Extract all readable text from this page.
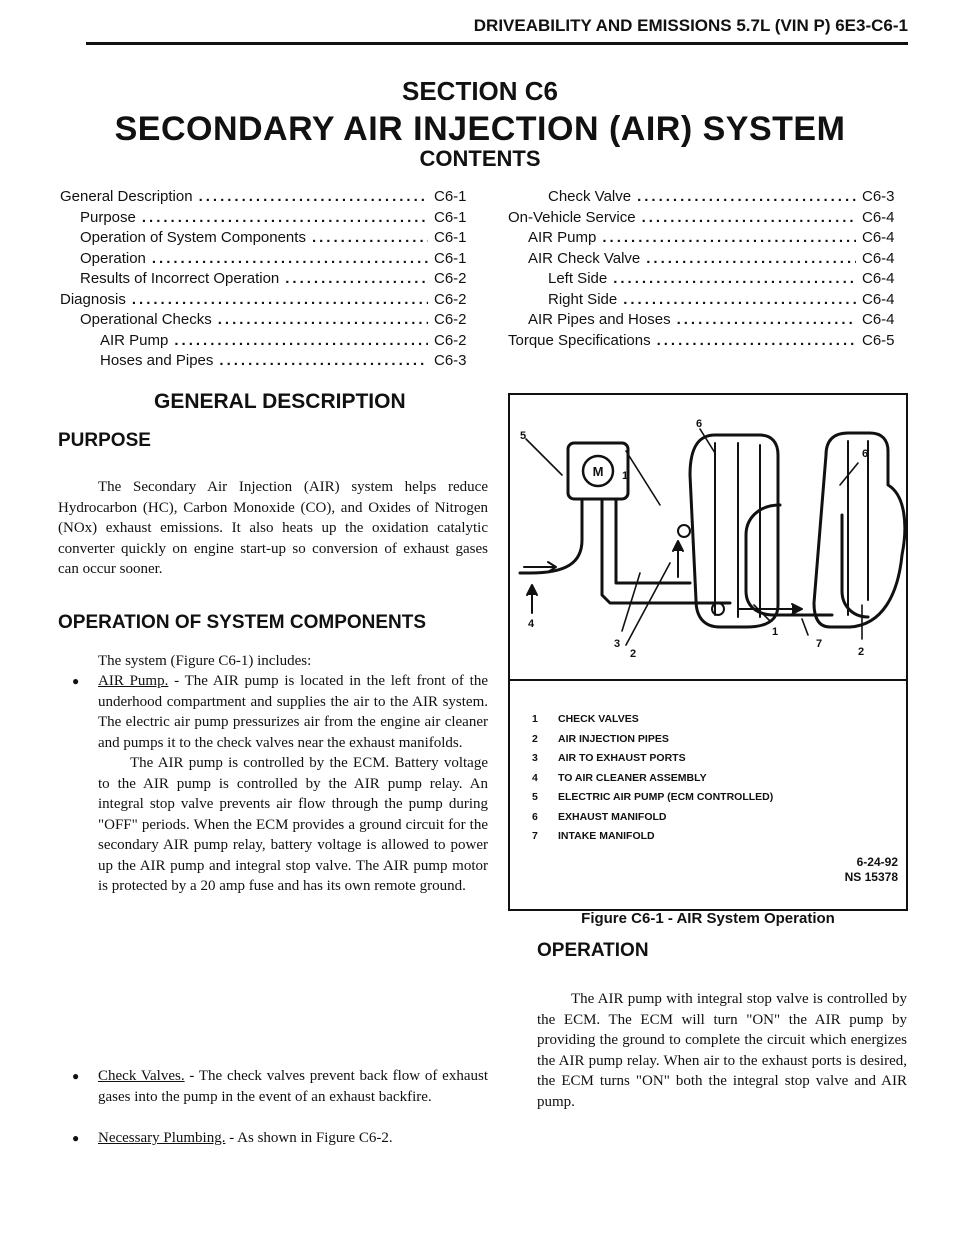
DRIVEABILITY AND EMISSIONS 5.7L (VIN P) 6E3-C6-1
SECTION C6
SECONDARY AIR INJECTION (AIR) SYSTEM
CONTENTS
General Description .....	C6-1
Purpose .....	C6-1
Operation of System Components .....	C6-1
Operation .....	C6-1
Results of Incorrect Operation .....	C6-2
Diagnosis .....	C6-2
Operational Checks .....	C6-2
AIR Pump .....	C6-2
Hoses and Pipes .....	C6-3
Check Valve .....	C6-3
On-Vehicle Service .....	C6-4
AIR Pump .....	C6-4
AIR Check Valve .....	C6-4
Left Side .....	C6-4
Right Side .....	C6-4
AIR Pipes and Hoses .....	C6-4
Torque Specifications .....	C6-5
GENERAL DESCRIPTION
PURPOSE
The Secondary Air Injection (AIR) system helps reduce Hydrocarbon (HC), Carbon Monoxide (CO), and Oxides of Nitrogen (NOx) exhaust emissions. It also heats up the oxidation catalytic converter quickly on engine start-up so conversion of exhaust gases can occur sooner.
OPERATION OF SYSTEM COMPONENTS
The system (Figure C6-1) includes:
● AIR Pump. - The AIR pump is located in the left front of the underhood compartment and supplies the air to the AIR system. The electric air pump pressurizes air from the engine air cleaner and pumps it to the check valves near the exhaust manifolds.
The AIR pump is controlled by the ECM. Battery voltage to the AIR pump is controlled by the AIR pump relay. An integral stop valve prevents air flow through the pump during "OFF" periods. When the ECM provides a ground circuit for the secondary AIR pump relay, battery voltage is allowed to power up the AIR pump and integral stop valve. The AIR pump motor is protected by a 20 amp fuse and has its own remote ground.
● Check Valves. - The check valves prevent back flow of exhaust gases into the pump in the event of an exhaust backfire.
● Necessary Plumbing. - As shown in Figure C6-2.
M
5
6
6
1
4
3
2
1
7
2
1	CHECK VALVES
2	AIR INJECTION PIPES
3	AIR TO EXHAUST PORTS
4	TO AIR CLEANER ASSEMBLY
5	ELECTRIC AIR PUMP (ECM CONTROLLED)
6	EXHAUST MANIFOLD
7	INTAKE MANIFOLD
6-24-92
NS 15378
Figure C6-1 - AIR System Operation
OPERATION
The AIR pump with integral stop valve is controlled by the ECM. The ECM will turn "ON" the AIR pump by providing the ground to complete the circuit which energizes the AIR pump relay. When air to the exhaust ports is desired, the ECM turns "ON" both the integral stop valve and AIR pump.
